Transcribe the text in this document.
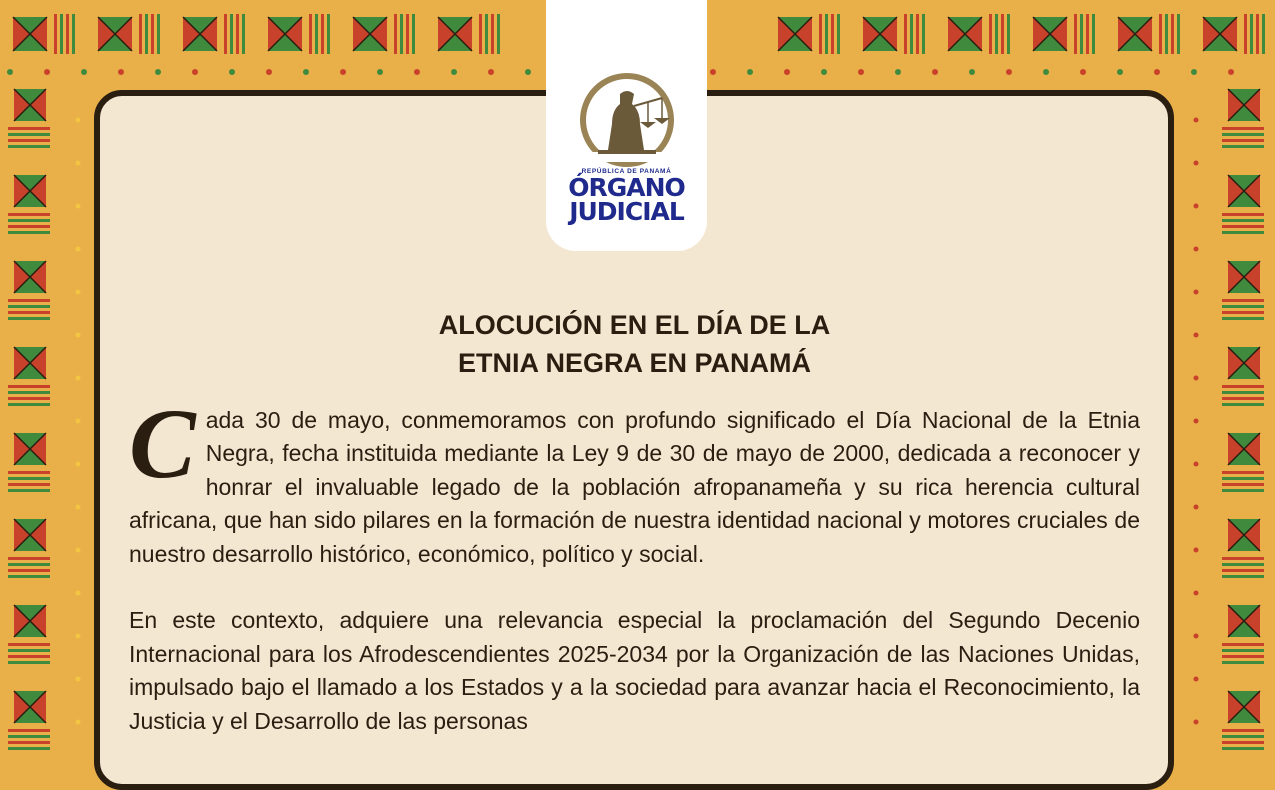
REPÚBLICA DE PANAMÁ
ÓRGANO
JUDICIAL
ALOCUCIÓN EN EL DÍA DE LA
ETNIA NEGRA EN PANAMÁ

Cada 30 de mayo, conmemoramos con profundo significado el Día Nacional de la Etnia Negra, fecha instituida mediante la Ley 9 de 30 de mayo de 2000, dedicada a reconocer y honrar el invaluable legado de la población afropanameña y su rica herencia cultural africana, que han sido pilares en la formación de nuestra identidad nacional y motores cruciales de nuestro desarrollo histórico, económico, político y social.

En este contexto, adquiere una relevancia especial la proclamación del Segundo Decenio Internacional para los Afrodescendientes 2025-2034 por la Organización de las Naciones Unidas, impulsado bajo el llamado a los Estados y a la sociedad para avanzar hacia el Reconocimiento, la Justicia y el Desarrollo de las personas
